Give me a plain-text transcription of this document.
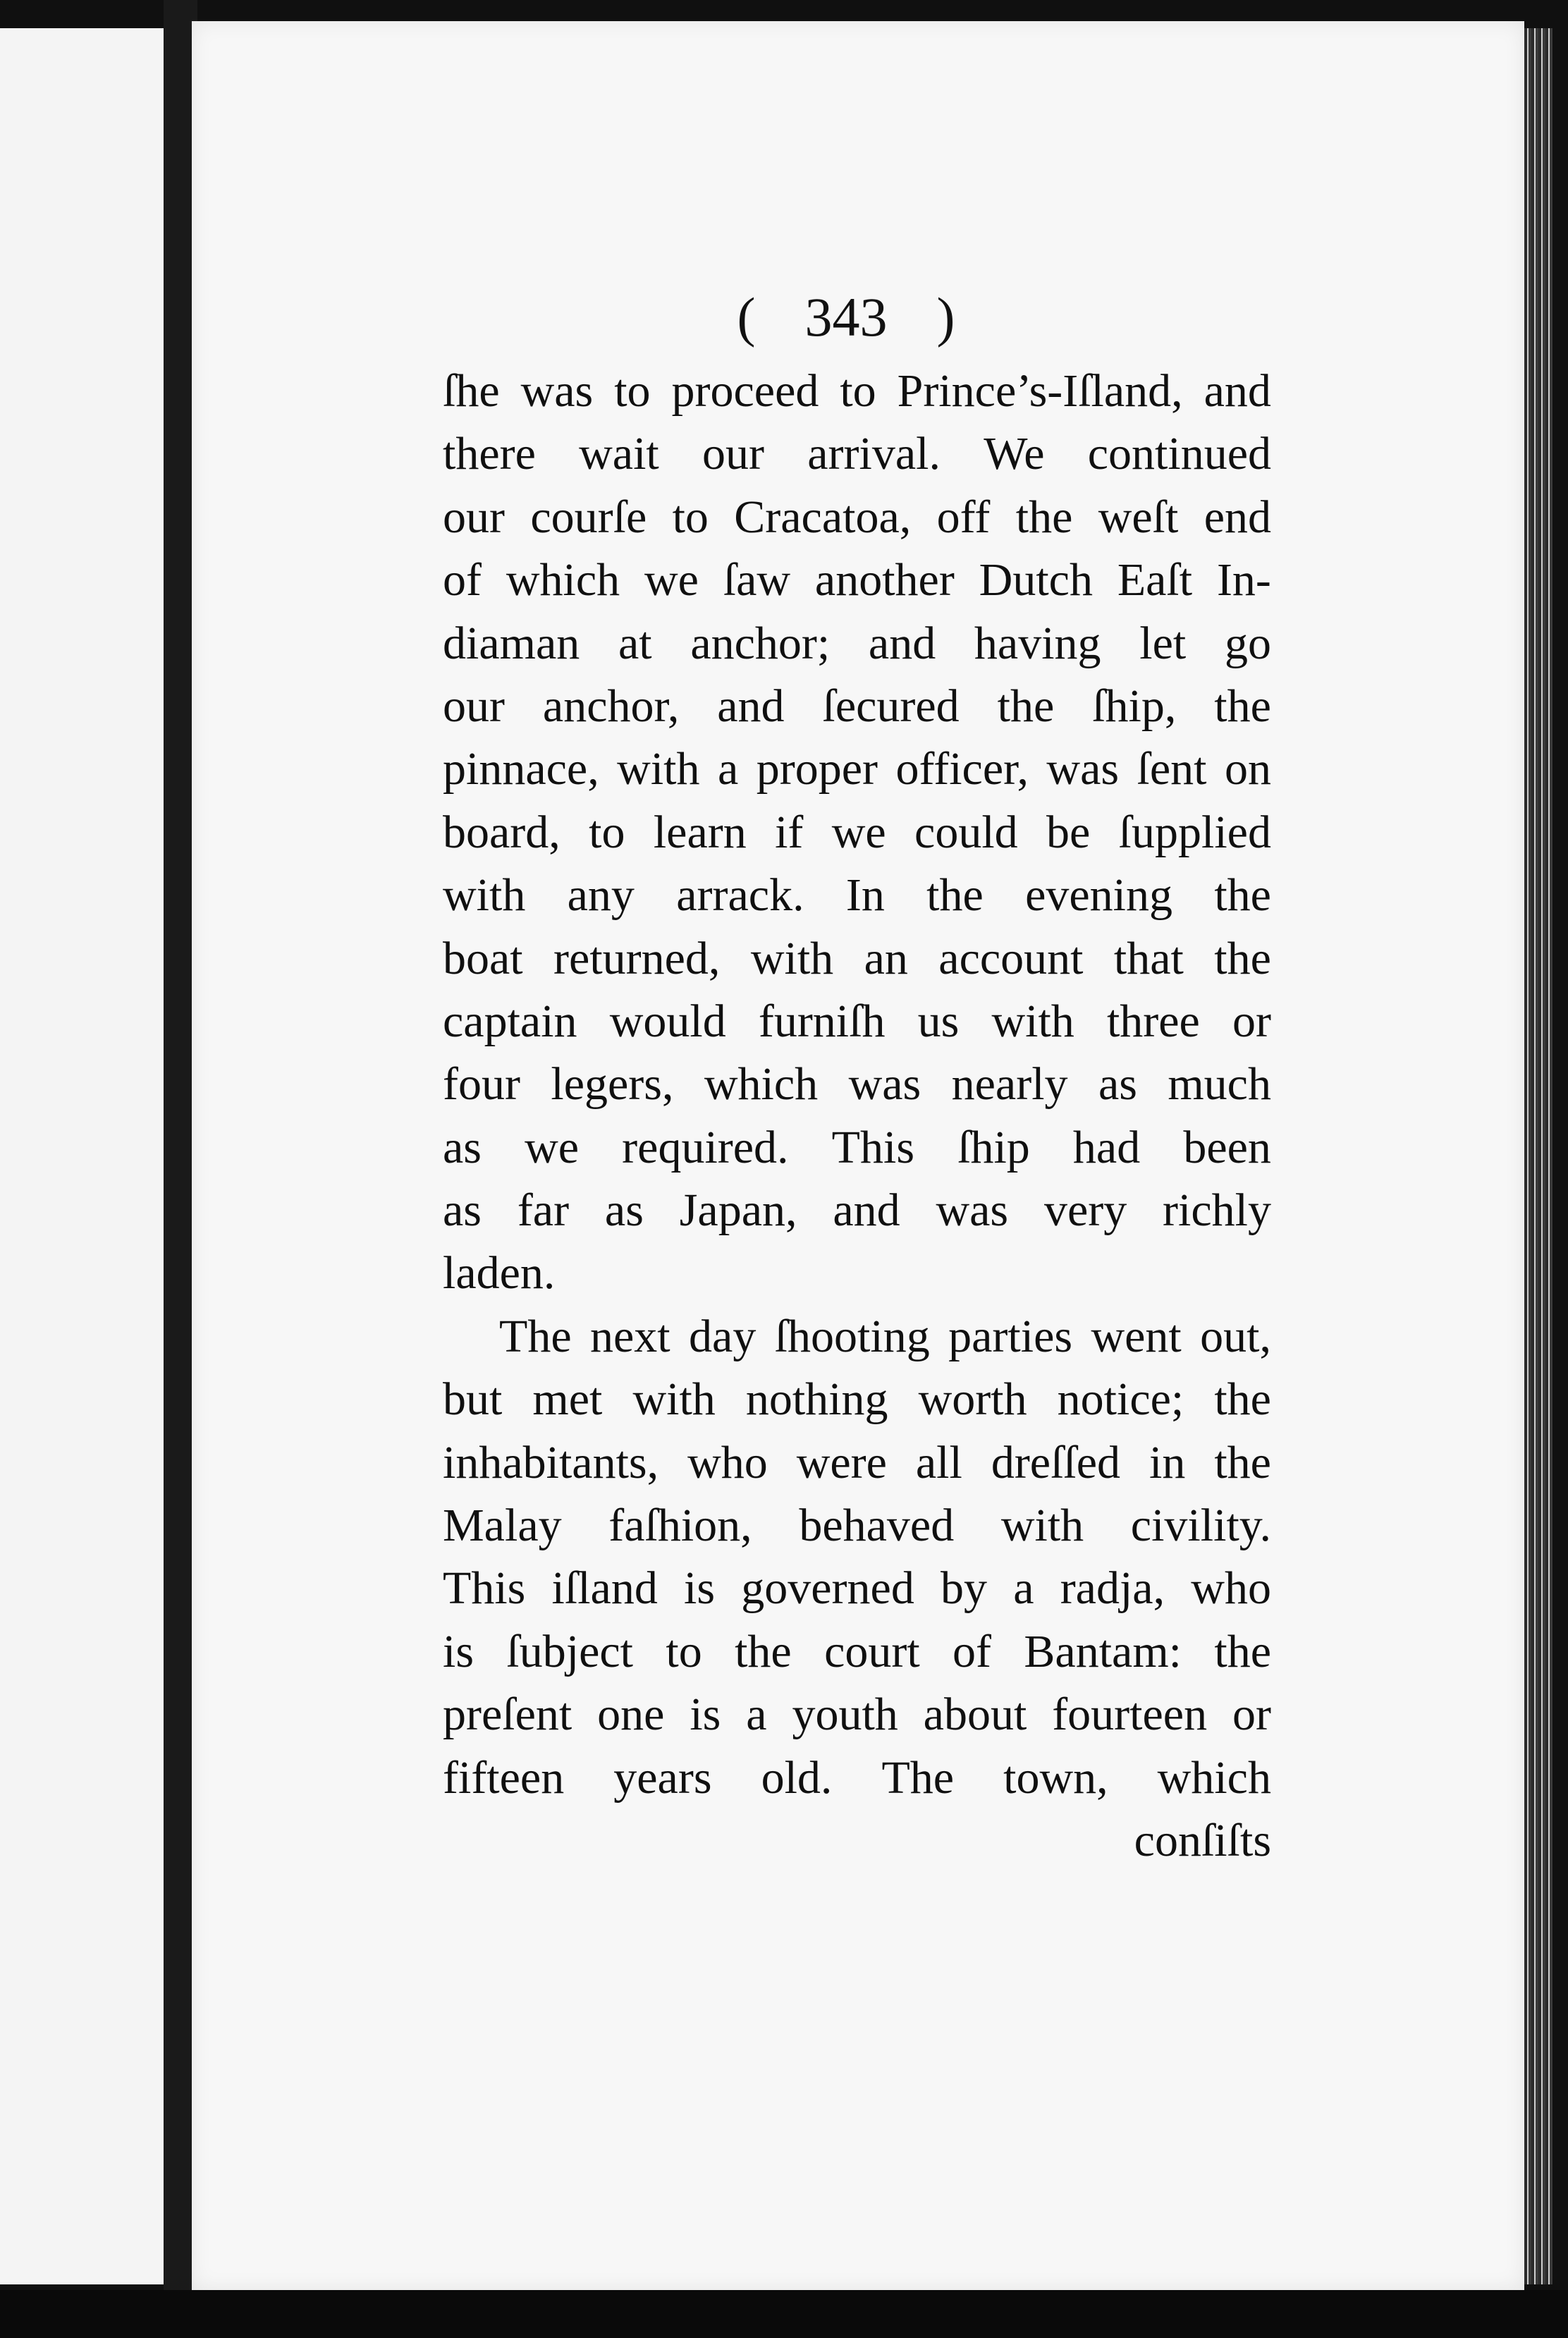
( 343 )
ſhe was to proceed to Prince’s-Iſland, and
there wait our arrival. We continued
our courſe to Cracatoa, off the weſt end
of which we ſaw another Dutch Eaſt In-
diaman at anchor; and having let go
our anchor, and ſecured the ſhip, the
pinnace, with a proper officer, was ſent on
board, to learn if we could be ſupplied
with any arrack. In the evening the
boat returned, with an account that the
captain would furniſh us with three or
four legers, which was nearly as much
as we required. This ſhip had been
as far as Japan, and was very richly
laden.
The next day ſhooting parties went out,
but met with nothing worth notice; the
inhabitants, who were all dreſſed in the
Malay faſhion, behaved with civility.
This iſland is governed by a radja, who
is ſubject to the court of Bantam: the
preſent one is a youth about fourteen or
fifteen years old. The town, which
conſiſts
